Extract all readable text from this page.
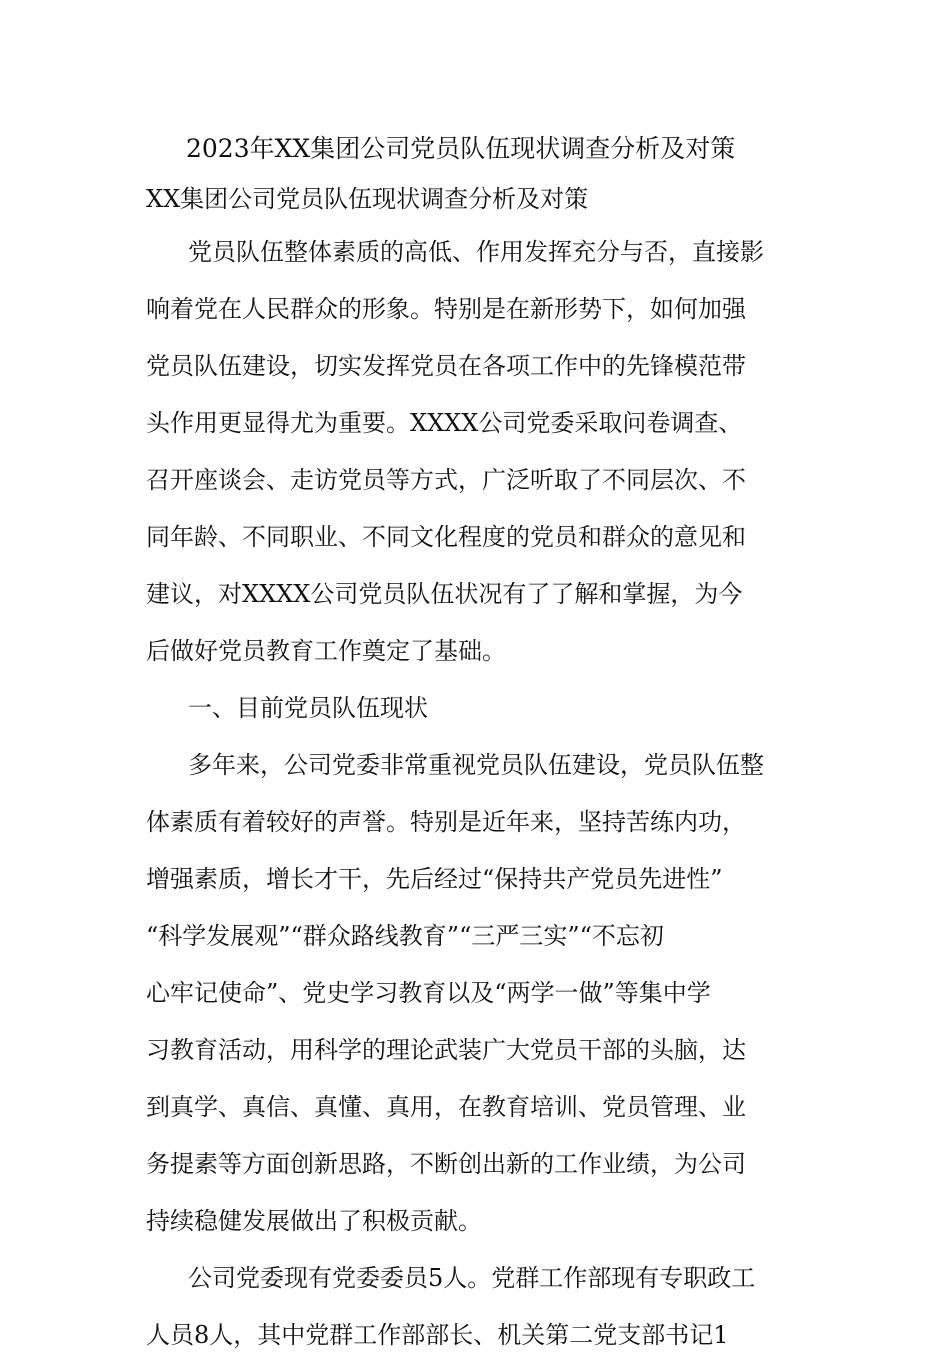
2023年XX集团公司党员队伍现状调查分析及对策
XX集团公司党员队伍现状调查分析及对策
党员队伍整体素质的高低、作用发挥充分与否，直接影
响着党在人民群众的形象。特别是在新形势下，如何加强
党员队伍建设，切实发挥党员在各项工作中的先锋模范带
头作用更显得尤为重要。XXXX公司党委采取问卷调查、
召开座谈会、走访党员等方式，广泛听取了不同层次、不
同年龄、不同职业、不同文化程度的党员和群众的意见和
建议，对XXXX公司党员队伍状况有了了解和掌握，为今
后做好党员教育工作奠定了基础。
一、目前党员队伍现状
多年来，公司党委非常重视党员队伍建设，党员队伍整
体素质有着较好的声誉。特别是近年来，坚持苦练内功，
增强素质，增长才干，先后经过“保持共产党员先进性”
“科学发展观”“群众路线教育”“三严三实”“不忘初
心牢记使命”、党史学习教育以及“两学一做”等集中学
习教育活动，用科学的理论武装广大党员干部的头脑，达
到真学、真信、真懂、真用，在教育培训、党员管理、业
务提素等方面创新思路，不断创出新的工作业绩，为公司
持续稳健发展做出了积极贡献。
公司党委现有党委委员5人。党群工作部现有专职政工
人员8人，其中党群工作部部长、机关第二党支部书记1
